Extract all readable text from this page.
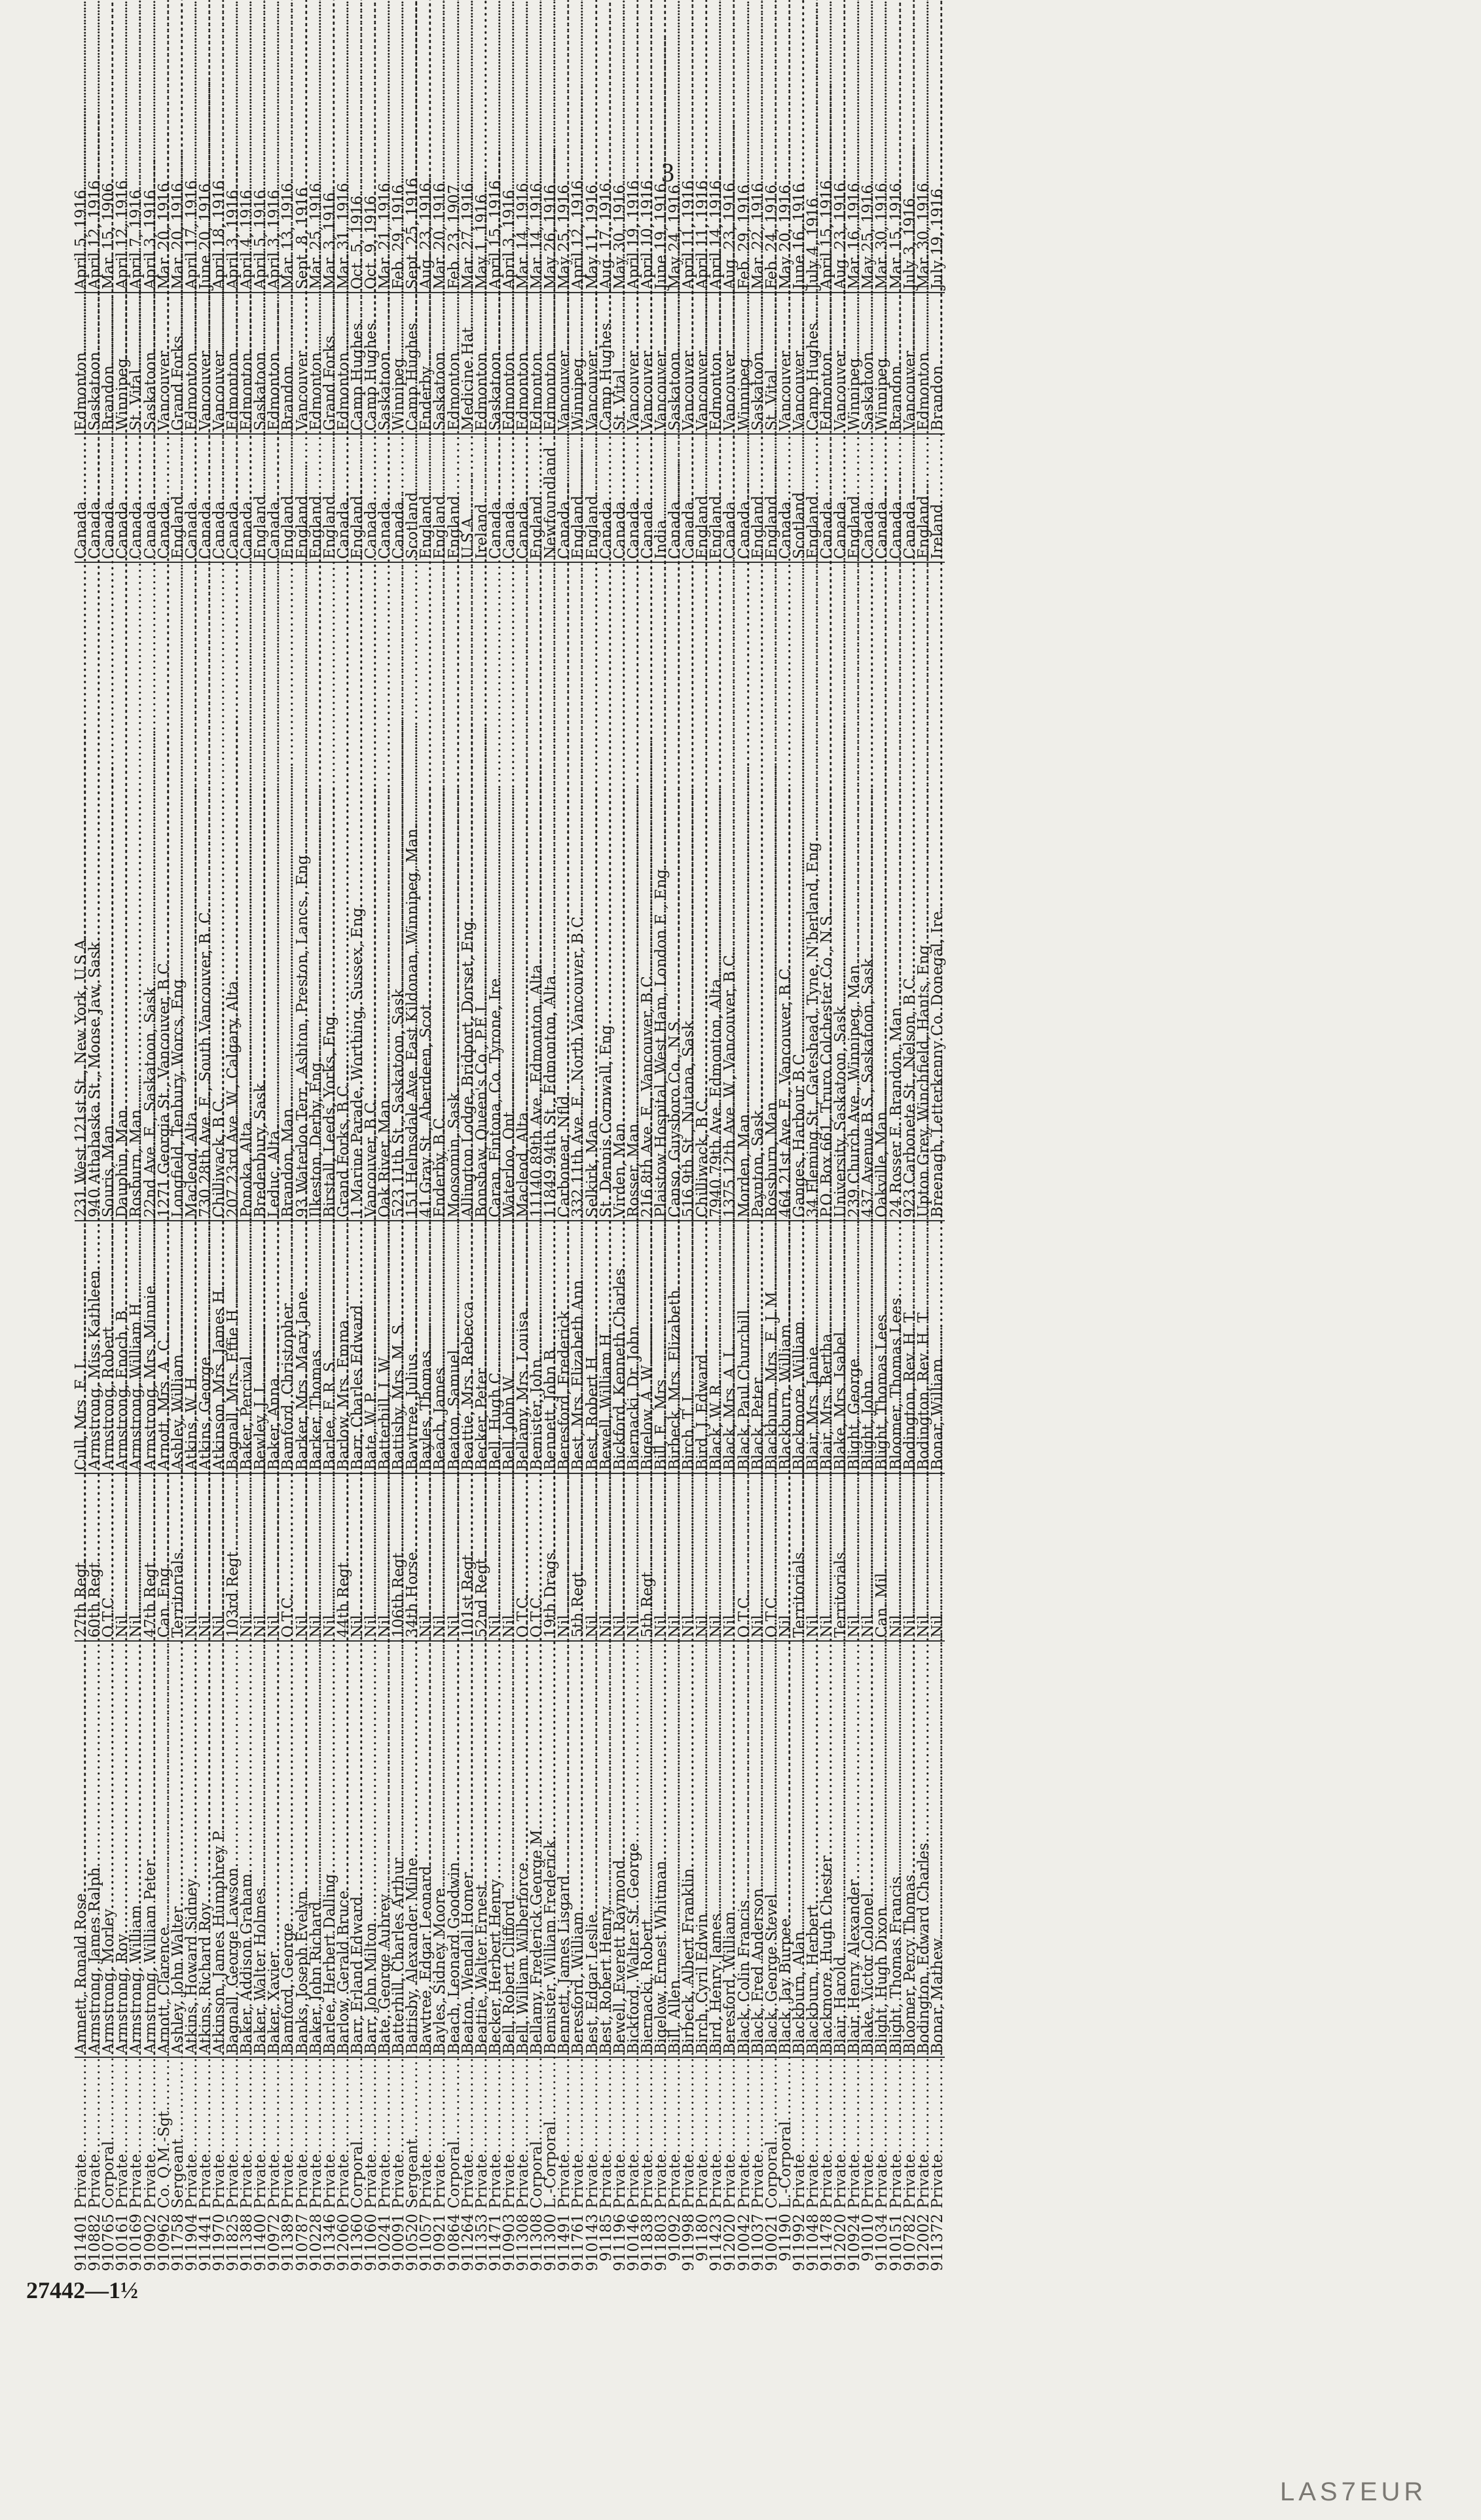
3
911401	Private .....	Amnett, Ronald Rose .....	27th Regt. .....	Cull, Mrs. E. L. .....	231 West 121st St., New York, U.S.A. .....	Canada .....	Edmonton .....	April 5, 1916
910882	Private .....	Armstrong, James Ralph .....	60th Regt. .....	Armstrong, Miss Kathleen .....	940 Athabaska St., Moose Jaw, Sask .....	Canada .....	Saskatoon .....	April 12, 1916
910765	Corporal .....	Armstrong, Morley .....	O.T.C. .....	Armstrong, Robert .....	Souris, Man .....	Canada .....	Brandon .....	Mar. 15, 1906
910161	Private .....	Armstrong, Roy .....	Nil .....	Armstrong, Enoch, B. .....	Dauphin, Man .....	Canada .....	Winnipeg .....	April 12, 1916
910169	Private .....	Armstrong, William .....	Nil .....	Armstrong, William H. .....	Rosburn, Man .....	Canada .....	St. Vital .....	April 7, 1916
910902	Private .....	Armstrong, William Peter .....	47th Regt. .....	Armstrong, Mrs. Minnie .....	22nd Ave. E., Saskatoon, Sask .....	Canada .....	Saskatoon .....	April 3, 1916
910962	Co. Q.M.-Sgt. .....	Arnott, Clarence .....	Can. Eng. .....	Arnott, Mrs. A. C. .....	1271 Georgia St., Vancouver, B.C. .....	Canada .....	Vancouver .....	Mar. 20, 1916
911758	Sergeant .....	Ashley, John Walter .....	Territorials .....	Ashley, William .....	Longfield, Tenbury, Worcs, Eng .....	England .....	Grand Forks .....	Mar. 20, 1916
911904	Private .....	Atkins, Howard Sidney .....	Nil .....	Atkins, W. H. .....	Macleod, Alta .....	Canada .....	Edmonton .....	April 17, 1916
911441	Private .....	Atkins, Richard Roy .....	Nil .....	Atkins, George .....	730 28th Ave. E., South Vancouver, B. C. .....	Canada .....	Vancouver .....	June 20, 1916
911970	Private .....	Atkinson, James Humphrey P. .....	Nil .....	Atkinson, Mrs. James H. .....	Chilliwack, B.C. .....	Canada .....	Vancouver .....	April 18, 1916
911825	Private .....	Bagnall, George Lawson .....	103rd Regt. .....	Bagnall, Mrs. Effie H. .....	207 23rd Ave. W., Calgary, Alta .....	Canada .....	Edmonton .....	April 3, 1916
911388	Private .....	Baker, Addison Graham .....	Nil .....	Baker, Percival .....	Ponoka, Alta .....	Canada .....	Edmonton .....	April 4, 1916
911400	Private .....	Baker, Walter Holmes .....	Nil .....	Bewley, J. L. .....	Bredenbury, Sask .....	England .....	Saskatoon .....	April 5, 1916
910972	Private .....	Baker, Xavier .....	Nil .....	Baker, Anna .....	Leduc, Alta .....	Canada .....	Edmonton .....	April 3, 1916
911389	Private .....	Bamford, George .....	O.T.C. .....	Bamford, Christopher .....	Brandon, Man .....	England .....	Brandon .....	Mar. 13, 1916
910787	Private .....	Banks, Joseph Evelyn .....	Nil .....	Barker, Mrs. Mary Jane .....	93 Waterloo Terr., Ashton, Preston, Lancs., Eng .....	England .....	Vancouver .....	Sept. 8, 1916
910228	Private .....	Baker, John Richard .....	Nil .....	Barker, Thomas .....	Ilkeston, Derby, Eng .....	England .....	Edmonton .....	Mar. 25, 1916
911346	Private .....	Barlee, Herbert Dalling .....	Nil .....	Barlee, F. R. S. .....	Birstall, Leeds, Yorks, Eng .....	England .....	Grand Forks .....	Mar. 3, 1916
912060	Private .....	Barlow, Gerald Bruce .....	44th Regt. .....	Barlow, Mrs. Emma .....	Grand Forks, B.C. .....	Canada .....	Edmonton .....	Mar. 31, 1916
911360	Corporal .....	Barr, Erland Edward .....	Nil .....	Barr, Charles Edward .....	1 Marine Parade, Worthing, Sussex, Eng .....	England .....	Camp Hughes .....	Oct. 5, 1916
911060	Private .....	Barr, John Milton .....	Nil .....	Bate, W. P. .....	Vancouver, B.C. .....	Canada .....	Camp Hughes .....	Oct. 9, 1916
910241	Private .....	Bate, George Aubrey .....	Nil .....	Batterhill, I. W. .....	Oak River, Man .....	Canada .....	Saskatoon .....	Mar. 21, 1916
910091	Private .....	Batterhill, Charles Arthur .....	106th Regt. .....	Battisby, Mrs. M. S. .....	523 11th St., Saskatoon, Sask .....	Canada .....	Winnipeg .....	Feb. 29, 1916
910520	Sergeant .....	Battisby, Alexander Milne .....	34th Horse .....	Bawtree, Julius .....	151 Helmsdale Ave. East Kildonan, Winnipeg, Man. .....	Scotland .....	Camp Hughes .....	Sept. 25, 1916
911057	Private .....	Bawtree, Edgar Leonard .....	Nil .....	Bayles, Thomas .....	41 Gray St., Aberdeen, Scot .....	England .....	Enderby .....	Aug. 23, 1916
910921	Private .....	Bayles, Sidney Moore .....	Nil .....	Beach, James .....	Enderby, B.C. .....	England .....	Saskatoon .....	Mar. 20, 1916
910864	Corporal .....	Beach, Leonard Goodwin .....	Nil .....	Beaton, Samuel .....	Moosomin, Sask .....	England .....	Edmonton .....	Feb. 23, 1907
911264	Private .....	Beaton, Wendall Homer .....	101st Regt. .....	Beattie, Mrs. Rebecca .....	Allington Lodge, Bridport, Dorset, Eng .....	U.S.A. .....	Medicine Hat .....	Mar. 27, 1916
911353	Private .....	Beattie, Walter Ernest .....	52nd Regt. .....	Becker, Peter .....	Bonshaw, Queen's Co., P.E.I. .....	Ireland .....	Edmonton .....	May 1, 1916
911471	Private .....	Becker, Herbert Henry .....	Nil .....	Bell, Hugh C. .....	Caran, Fintona, Co. Tyrone, Ire .....	Canada .....	Saskatoon .....	April 15, 1916
910903	Private .....	Bell, Robert Clifford .....	Nil .....	Bell, John W. .....	Waterloo, Ont .....	Canada .....	Edmonton .....	April 3, 1916
911308	Private .....	Bell, William Wilberforce .....	O.T.C. .....	Bellamy, Mrs. Louisa .....	Macleod, Alta .....	Canada .....	Edmonton .....	Mar. 14, 1916
911308	Corporal .....	Bellamy, Frederick George M. .....	O.T.C. .....	Bemister, John .....	11140 89th Ave., Edmonton, Alta .....	England .....	Edmonton .....	Mar. 14, 1916
911300	L.-Corporal .....	Bemister, William Frederick .....	19th Drags .....	Bennett, John B. .....	11849 94th St., Edmonton, Alta .....	Newfoundland .....	Edmonton .....	May 26, 1916
911491	Private .....	Bennett, James Lisgard .....	Nil .....	Beresford, Frederick .....	Carbonear, Nfld .....	Canada .....	Vancouver .....	May 25, 1916
911761	Private .....	Beresford, William .....	5th Regt. .....	Best, Mrs. Elizabeth Ann .....	332 11th Ave. E., North Vancouver, B.C. .....	England .....	Winnipeg .....	April 12, 1916
910143	Private .....	Best, Edgar Leslie .....	Nil .....	Best, Robert H. .....	Selkirk, Man .....	England .....	Vancouver .....	May 11, 1916
91185	Private .....	Best, Robert Henry .....	Nil .....	Bewell, William H. .....	St. Dennis Cornwall, Eng .....	Canada .....	Camp Hughes .....	Aug. 17, 1916
911196	Private .....	Bewell, Everett Raymond .....	Nil .....	Bickford, Kenneth Charles .....	Virden, Man .....	Canada .....	St. Vital .....	May 30, 1916
910146	Private .....	Bickford, Walter St. George .....	Nil .....	Biernacki, Dr. John .....	Rosser, Man .....	Canada .....	Vancouver .....	April 19, 1916
911838	Private .....	Biernacki, Robert .....	5th Regt. .....	Bigelow, A. W. .....	216 8th Ave. E., Vancouver, B.C. .....	Canada .....	Vancouver .....	April 10, 1916
911803	Private .....	Bigelow, Ernest Whitman .....	Nil .....	Bill, E., Mrs. .....	Plaistow Hospital, West Ham, London E., Eng. .....	India .....	Vancouver .....	June 19, 1916
91092	Private .....	Bill, Allen .....	Nil .....	Birbeck, Mrs. Elizabeth .....	Canso, Guysboro Co., N.S. .....	Canada .....	Saskatoon .....	May 24, 1916
911998	Private .....	Birbeck, Albert Franklin .....	Nil .....	Birch, T. I. .....	516 9th St., Nutana, Sask .....	Canada .....	Vancouver .....	April 11, 1916
91180	Private .....	Birch, Cyril Edwin .....	Nil .....	Bird, J. Edward .....	Chilliwack, B.C. .....	England .....	Vancouver .....	April 11, 1916
911423	Private .....	Bird, Henry James .....	Nil .....	Black, W. R. .....	7940 79th Ave. Edmonton, Alta .....	England .....	Edmonton .....	April 14, 1916
912020	Private .....	Beresford, William .....	Nil .....	Black, Mrs. A. L. .....	1375 12th Ave. W., Vancouver, B.C. .....	Canada .....	Vancouver .....	Aug. 23, 1916
910042	Private .....	Black, Colin Francis .....	O.T.C. .....	Black, Paul Churchill .....	Morden, Man .....	Canada .....	Winnipeg .....	Feb. 29, 1916
911037	Private .....	Black, Fred Anderson .....	Nil .....	Black, Peter .....	Paynton, Sask .....	England .....	Saskatoon .....	Mar. 22, 1916
910021	Corporal .....	Black, George Stevel .....	O.T.C. .....	Blackburn, Mrs. E. J. M. .....	Rossburn, Man .....	England .....	St. Vital .....	Feb. 24, 1916
91190	L.-Corporal .....	Black, Jay Burpee .....	Nil .....	Blackburn, William .....	464 21st Ave. E., Vancouver, B.C. .....	Canada .....	Vancouver .....	May 20, 1916
911992	Private .....	Blackburn, Alan .....	Territorials .....	Blackmore, William .....	Ganges, Harbour B.C. .....	Scotland .....	Vancouver .....	June 16, 1916
911048	Private .....	Blackburn, Herbert .....	Nil .....	Blair, Mrs. Janie .....	34 Fleming St., Gateshead, Tyne, N'berland, Eng. .....	England .....	Camp Hughes .....	July 4, 1916
911478	Private .....	Blackmore, Hugh Chester .....	Nil .....	Blair, Mrs. Bertha .....	P.O. Box 661, Truro Colchester Co., N.S. .....	Canada .....	Edmonton .....	April 15, 1916
912020	Private .....	Blair, Harold .....	Territorials .....	Blake, Mrs. Isabel .....	University, Saskatoon, Sask .....	Canada .....	Vancouver .....	Aug. 23, 1916
910924	Private .....	Blair, Henry Alexander .....	Nil .....	Blight, George .....	239 Church Ave., Winnipeg, Man .....	England .....	Winnipeg .....	Mar. 16, 1916
91010	Private .....	Blake, Victor Colonel .....	Nil .....	Blight, John .....	437 Avenue B.S., Saskatoon, Sask .....	Canada .....	Saskatoon .....	May 25, 1916
911034	Private .....	Blight, Hugh Dixon .....	Can. Mil. .....	Blight, Thomas Lees .....	Oakville, Man .....	Canada .....	Winnipeg .....	Mar. 30, 1916
910151	Private .....	Blight, Thomas Francis .....	Nil .....	Bloomer, Thomas Lees .....	24 Rosser E. Brandon, Man .....	Canada .....	Brandon .....	Mar. 15, 1916
910782	Private .....	Bloomer, Percy Thomas .....	Nil .....	Bodington, Rev. H. T. .....	923 Carbonete St., Nelson, B.C. .....	Canada .....	Vancouver .....	July 3, 1916
912002	Private .....	Bodington, Edward Charles .....	Nil .....	Bodington, Rev. H. T. .....	Upton Grey, Winchfield, Hants, Eng. .....	England .....	Edmonton .....	Mar. 30, 1916
911372	Private .....	Bonar, Mathew .....	Nil .....	Bonar, William .....	Breenagh, Letterkenny Co. Donegal, Ire. .....	Ireland .....	Brandon .....	July 19, 1916
27442—1½
LAS7EUR
